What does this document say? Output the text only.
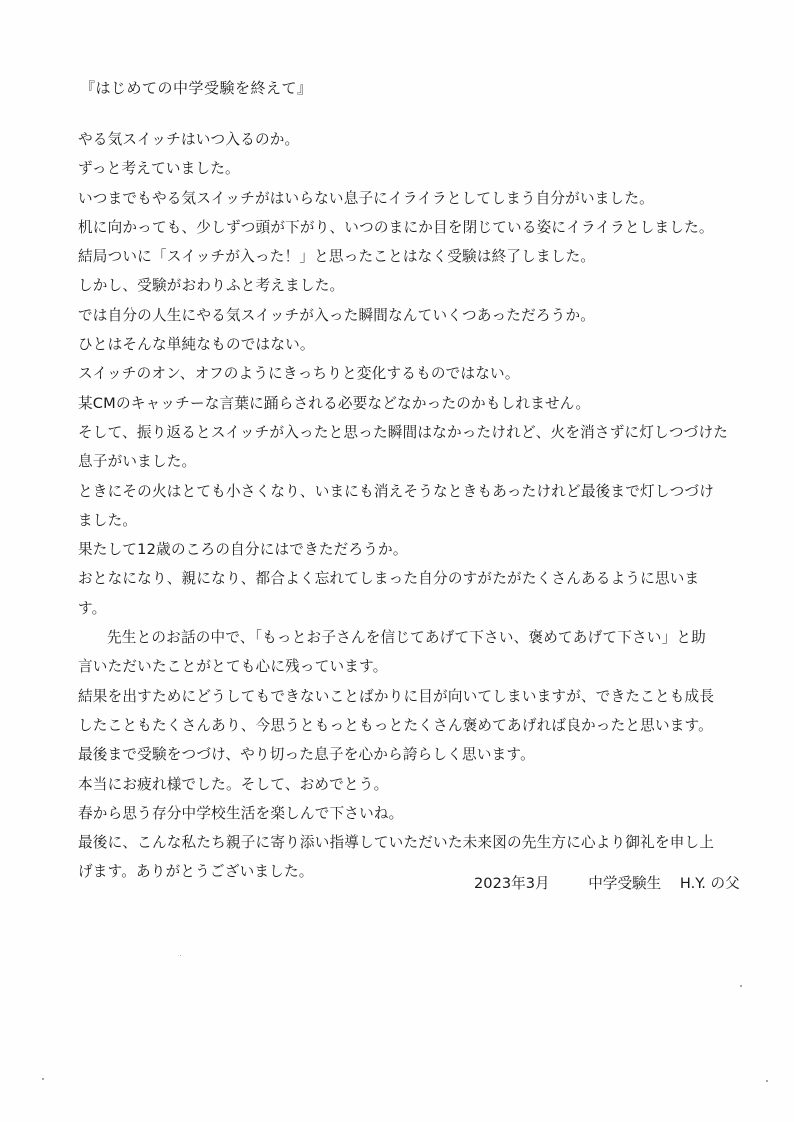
『はじめての中学受験を終えて』
やる気スイッチはいつ入るのか。
ずっと考えていました。
いつまでもやる気スイッチがはいらない息子にイライラとしてしまう自分がいました。
机に向かっても、少しずつ頭が下がり、いつのまにか目を閉じている姿にイライラとしました。
結局ついに「スイッチが入った！」と思ったことはなく受験は終了しました。
しかし、受験がおわりふと考えました。
では自分の人生にやる気スイッチが入った瞬間なんていくつあっただろうか。
ひとはそんな単純なものではない。
スイッチのオン、オフのようにきっちりと変化するものではない。
某CMのキャッチーな言葉に踊らされる必要などなかったのかもしれません。
そして、振り返るとスイッチが入ったと思った瞬間はなかったけれど、火を消さずに灯しつづけた
息子がいました。
ときにその火はとても小さくなり、いまにも消えそうなときもあったけれど最後まで灯しつづけ
ました。
果たして12歳のころの自分にはできただろうか。
おとなになり、親になり、都合よく忘れてしまった自分のすがたがたくさんあるように思いま
す。
先生とのお話の中で、「もっとお子さんを信じてあげて下さい、褒めてあげて下さい」と助
言いただいたことがとても心に残っています。
結果を出すためにどうしてもできないことばかりに目が向いてしまいますが、できたことも成長
したこともたくさんあり、今思うともっともっとたくさん褒めてあげれば良かったと思います。
最後まで受験をつづけ、やり切った息子を心から誇らしく思います。
本当にお疲れ様でした。そして、おめでとう。
春から思う存分中学校生活を楽しんで下さいね。
最後に、こんな私たち親子に寄り添い指導していただいた未来図の先生方に心より御礼を申し上
げます。ありがとうございました。
2023年3月	中学受験生 H.Y. の父
